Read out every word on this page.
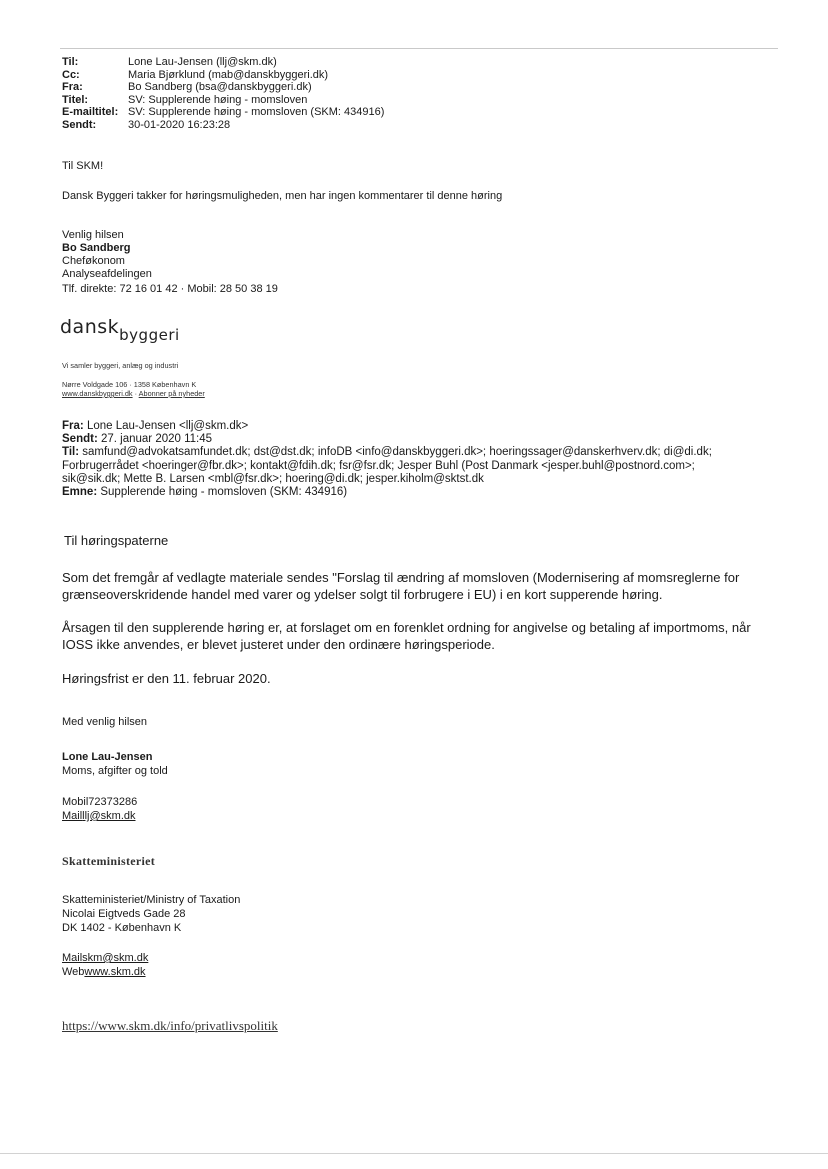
Til:	Lone Lau-Jensen (llj@skm.dk)
Cc:	Maria Bjørklund (mab@danskbyggeri.dk)
Fra:	Bo Sandberg (bsa@danskbyggeri.dk)
Titel:	SV: Supplerende høing - momsloven
E-mailtitel: SV: Supplerende høing - momsloven (SKM: 434916)
Sendt:	30-01-2020 16:23:28
Til SKM!
Dansk Byggeri takker for høringsmuligheden, men har ingen kommentarer til denne høring
Venlig hilsen
Bo Sandberg
Cheføkonom
Analyseafdelingen
Tlf. direkte: 72 16 01 42 · Mobil: 28 50 38 19
danskbyggeri
Vi samler byggeri, anlæg og industri
Nørre Voldgade 106 · 1358 København K
www.danskbyggeri.dk · Abonner på nyheder
Fra: Lone Lau-Jensen <llj@skm.dk>
Sendt: 27. januar 2020 11:45
Til: samfund@advokatsamfundet.dk; dst@dst.dk; infoDB <info@danskbyggeri.dk>; hoeringssager@danskerhverv.dk; di@di.dk;
Forbrugerrådet <hoeringer@fbr.dk>; kontakt@fdih.dk; fsr@fsr.dk; Jesper Buhl (Post Danmark <jesper.buhl@postnord.com>;
sik@sik.dk; Mette B. Larsen <mbl@fsr.dk>; hoering@di.dk; jesper.kiholm@sktst.dk
Emne: Supplerende høing - momsloven (SKM: 434916)
Til høringspaterne
Som det fremgår af vedlagte materiale sendes "Forslag til ændring af momsloven (Modernisering af momsreglerne for grænseoverskridende handel med varer og ydelser solgt til forbrugere i EU) i en kort supperende høring.
Årsagen til den supplerende høring er, at forslaget om en forenklet ordning for angivelse og betaling af importmoms, når IOSS ikke anvendes, er blevet justeret under den ordinære høringsperiode.
Høringsfrist er den 11. februar 2020.
Med venlig hilsen
Lone Lau-Jensen
Moms, afgifter og told
Mobil72373286
Mailllj@skm.dk
Skatteministeriet
Skatteministeriet/Ministry of Taxation
Nicolai Eigtveds Gade 28
DK 1402 - København K
Mailskm@skm.dk
Webwww.skm.dk
https://www.skm.dk/info/privatlivspolitik
